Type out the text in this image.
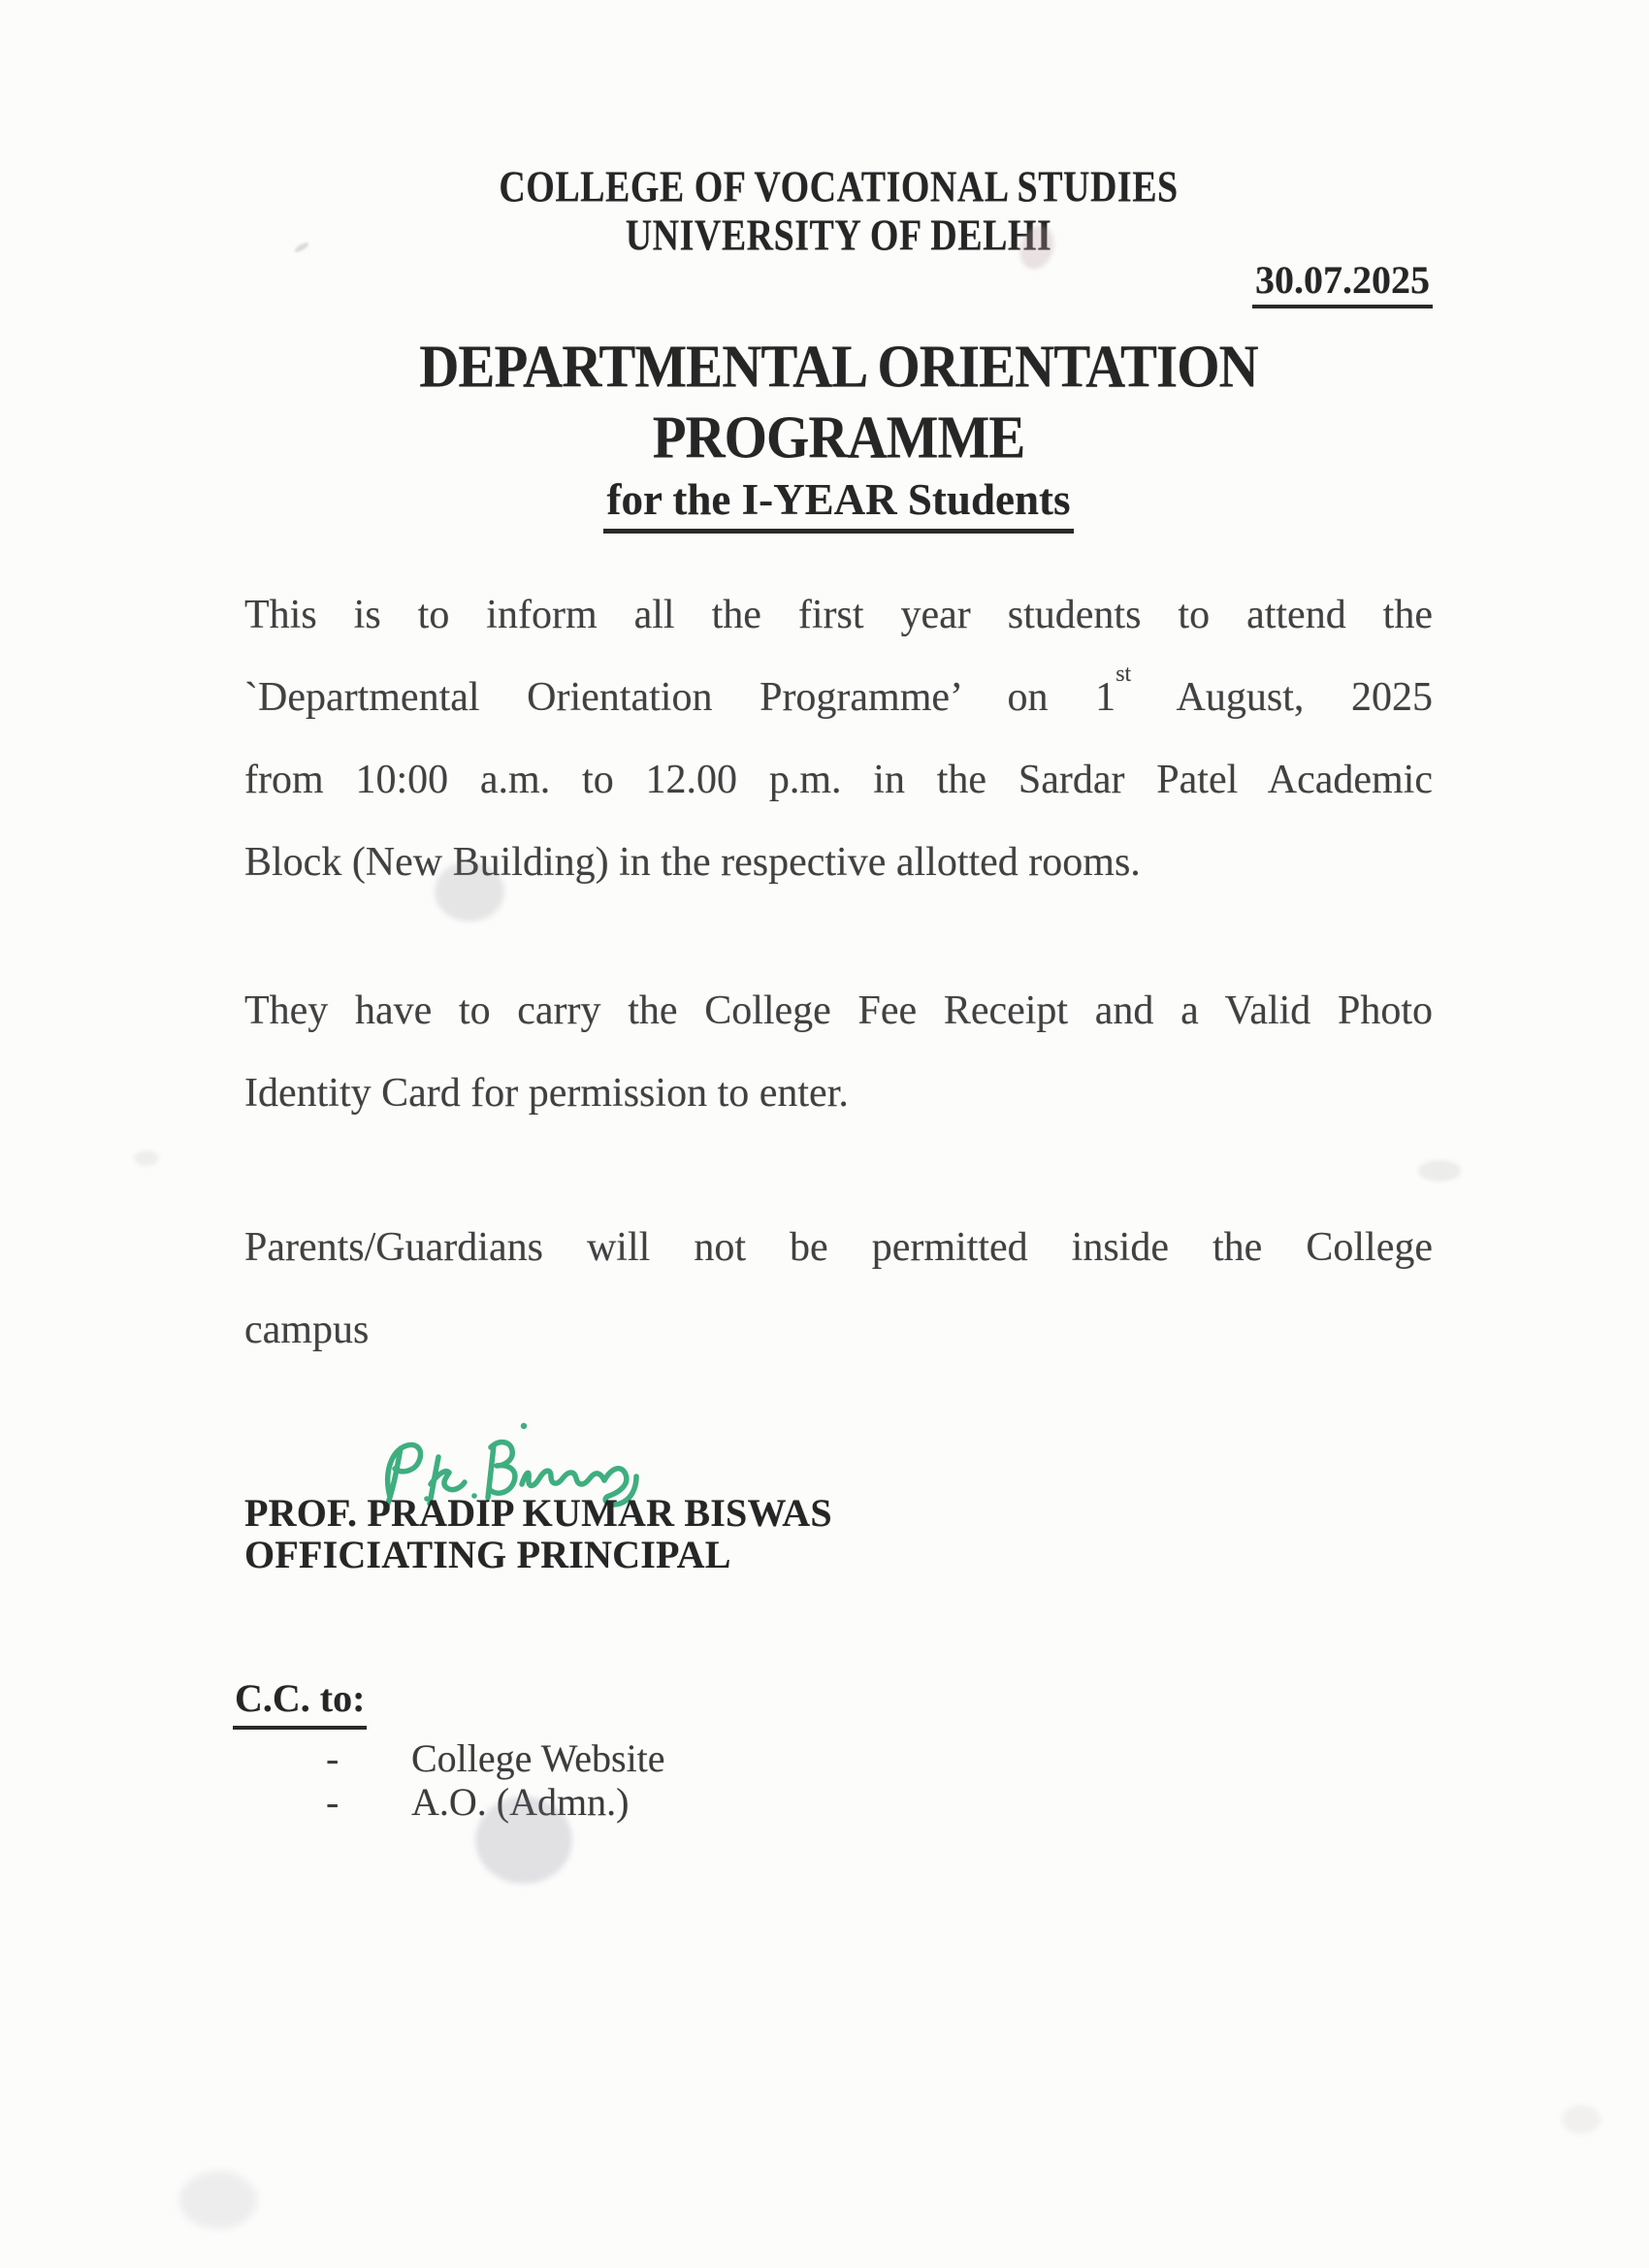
COLLEGE OF VOCATIONAL STUDIES
UNIVERSITY OF DELHI
30.07.2025
DEPARTMENTAL ORIENTATION
PROGRAMME
for the I-YEAR Students
This is to inform all the first year students to attend the
`Departmental Orientation Programme’ on 1st August, 2025
from 10:00 a.m. to 12.00 p.m. in the Sardar Patel Academic
Block (New Building) in the respective allotted rooms.
They have to carry the College Fee Receipt and a Valid Photo
Identity Card for permission to enter.
Parents/Guardians will not be permitted inside the College
campus
PROF. PRADIP KUMAR BISWAS
OFFICIATING PRINCIPAL
C.C. to:
- College Website
- A.O. (Admn.)
